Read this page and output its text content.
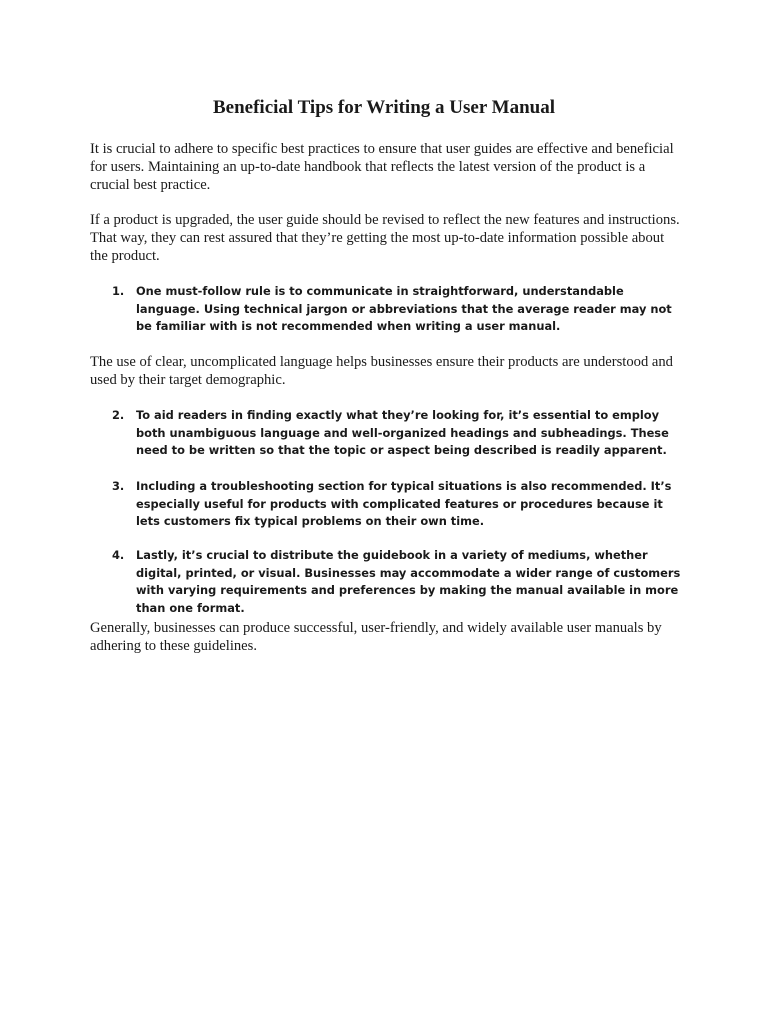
Beneficial Tips for Writing a User Manual

It is crucial to adhere to specific best practices to ensure that user guides are effective and beneficial for users. Maintaining an up-to-date handbook that reflects the latest version of the product is a crucial best practice.

If a product is upgraded, the user guide should be revised to reflect the new features and instructions. That way, they can rest assured that they’re getting the most up-to-date information possible about the product.

1.	One must-follow rule is to communicate in straightforward, understandable language. Using technical jargon or abbreviations that the average reader may not be familiar with is not recommended when writing a user manual.

The use of clear, uncomplicated language helps businesses ensure their products are understood and used by their target demographic.

2.	To aid readers in finding exactly what they’re looking for, it’s essential to employ both unambiguous language and well-organized headings and subheadings. These need to be written so that the topic or aspect being described is readily apparent.
3.	Including a troubleshooting section for typical situations is also recommended. It’s especially useful for products with complicated features or procedures because it lets customers fix typical problems on their own time.
4.	Lastly, it’s crucial to distribute the guidebook in a variety of mediums, whether digital, printed, or visual. Businesses may accommodate a wider range of customers with varying requirements and preferences by making the manual available in more than one format.

Generally, businesses can produce successful, user-friendly, and widely available user manuals by adhering to these guidelines.
